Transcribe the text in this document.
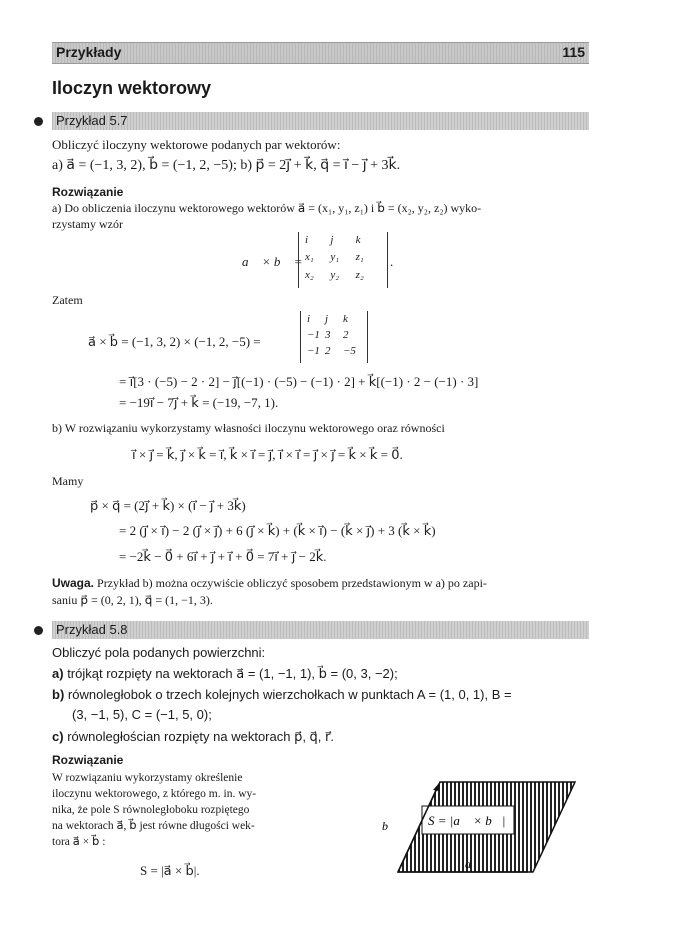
Przykłady	115
Iloczyn wektorowy
Przykład 5.7
Obliczyć iloczyny wektorowe podanych par wektorów:
a) a⃗ = (−1, 3, 2), b⃗ = (−1, 2, −5); b) p⃗ = 2j⃗ + k⃗, q⃗ = i⃗ − j⃗ + 3k⃗.
Rozwiązanie
a) Do obliczenia iloczynu wektorowego wektorów a⃗ = (x₁, y₁, z₁) i b⃗ = (x₂, y₂, z₂) wyko-
rzystamy wzór
a⃗ × b⃗ =
i⃗ j⃗ k⃗
x₁ y₁ z₁
x₂ y₂ z₂
.
Zatem
a⃗ × b⃗ = (−1, 3, 2) × (−1, 2, −5) =
i⃗ j⃗ k⃗
−1 3 2
−1 2 −5
= i⃗[3 · (−5) − 2 · 2] − j⃗[(−1) · (−5) − (−1) · 2] + k⃗[(−1) · 2 − (−1) · 3]
= −19i⃗ − 7j⃗ + k⃗ = (−19, −7, 1).
b) W rozwiązaniu wykorzystamy własności iloczynu wektorowego oraz równości
i⃗ × j⃗ = k⃗, j⃗ × k⃗ = i⃗, k⃗ × i⃗ = j⃗, i⃗ × i⃗ = j⃗ × j⃗ = k⃗ × k⃗ = 0⃗.
Mamy
p⃗ × q⃗ = (2j⃗ + k⃗) × (i⃗ − j⃗ + 3k⃗)
= 2 (j⃗ × i⃗) − 2 (j⃗ × j⃗) + 6 (j⃗ × k⃗) + (k⃗ × i⃗) − (k⃗ × j⃗) + 3 (k⃗ × k⃗)
= −2k⃗ − 0⃗ + 6i⃗ + j⃗ + i⃗ + 0⃗ = 7i⃗ + j⃗ − 2k⃗.
Uwaga. Przykład b) można oczywiście obliczyć sposobem przedstawionym w a) po zapi-
saniu p⃗ = (0, 2, 1), q⃗ = (1, −1, 3).
Przykład 5.8
Obliczyć pola podanych powierzchni:
a) trójkąt rozpięty na wektorach a⃗ = (1, −1, 1), b⃗ = (0, 3, −2);
b) równoległobok o trzech kolejnych wierzchołkach w punktach A = (1, 0, 1), B =
(3, −1, 5), C = (−1, 5, 0);
c) równoległościan rozpięty na wektorach p⃗, q⃗, r⃗.
Rozwiązanie
W rozwiązaniu wykorzystamy określenie
iloczynu wektorowego, z którego m. in. wy-
nika, że pole S równoległoboku rozpiętego
na wektorach a⃗, b⃗ jest równe długości wek-
tora a⃗ × b⃗ :
S = |a⃗ × b⃗|.
S = |a⃗ × b⃗|
b⃗
a⃗
